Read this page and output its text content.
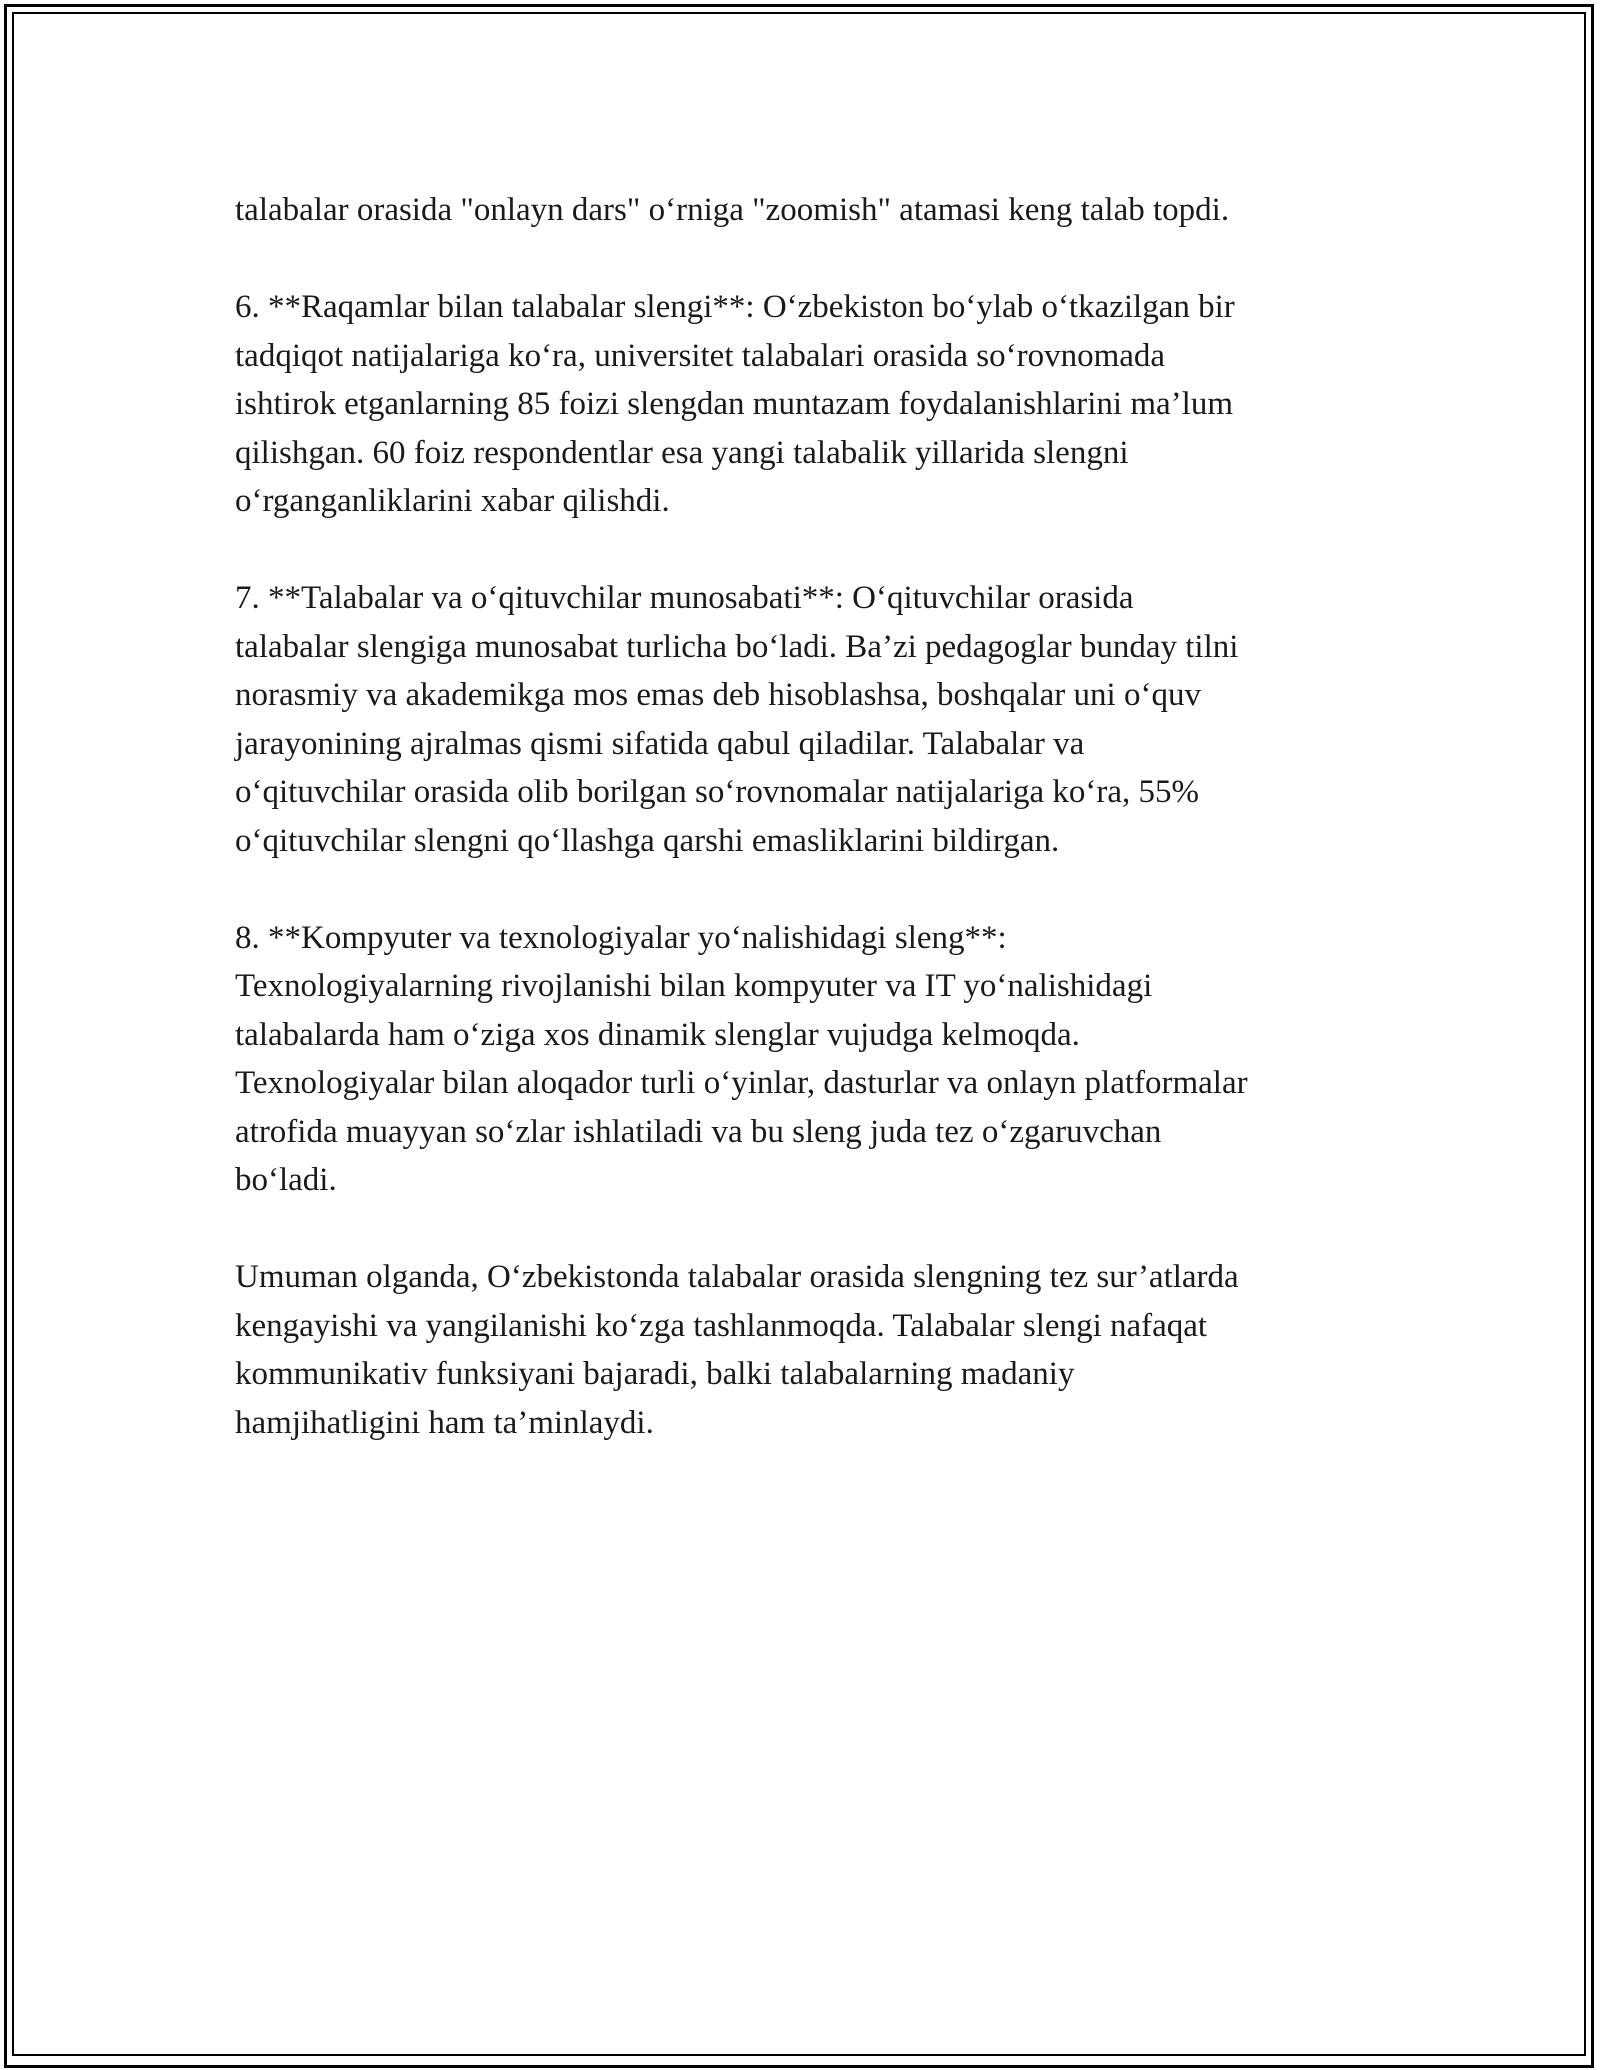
talabalar orasida "onlayn dars" o‘rniga "zoomish" atamasi keng talab topdi.

6. **Raqamlar bilan talabalar slengi**: O‘zbekiston bo‘ylab o‘tkazilgan bir
tadqiqot natijalariga ko‘ra, universitet talabalari orasida so‘rovnomada
ishtirok etganlarning 85 foizi slengdan muntazam foydalanishlarini ma’lum
qilishgan. 60 foiz respondentlar esa yangi talabalik yillarida slengni
o‘rganganliklarini xabar qilishdi.

7. **Talabalar va o‘qituvchilar munosabati**: O‘qituvchilar orasida
talabalar slengiga munosabat turlicha bo‘ladi. Ba’zi pedagoglar bunday tilni
norasmiy va akademikga mos emas deb hisoblashsa, boshqalar uni o‘quv
jarayonining ajralmas qismi sifatida qabul qiladilar. Talabalar va
o‘qituvchilar orasida olib borilgan so‘rovnomalar natijalariga ko‘ra, 55%
o‘qituvchilar slengni qo‘llashga qarshi emasliklarini bildirgan.

8. **Kompyuter va texnologiyalar yo‘nalishidagi sleng**:
Texnologiyalarning rivojlanishi bilan kompyuter va IT yo‘nalishidagi
talabalarda ham o‘ziga xos dinamik slenglar vujudga kelmoqda.
Texnologiyalar bilan aloqador turli o‘yinlar, dasturlar va onlayn platformalar
atrofida muayyan so‘zlar ishlatiladi va bu sleng juda tez o‘zgaruvchan
bo‘ladi.

Umuman olganda, O‘zbekistonda talabalar orasida slengning tez sur’atlarda
kengayishi va yangilanishi ko‘zga tashlanmoqda. Talabalar slengi nafaqat
kommunikativ funksiyani bajaradi, balki talabalarning madaniy
hamjihatligini ham ta’minlaydi.
